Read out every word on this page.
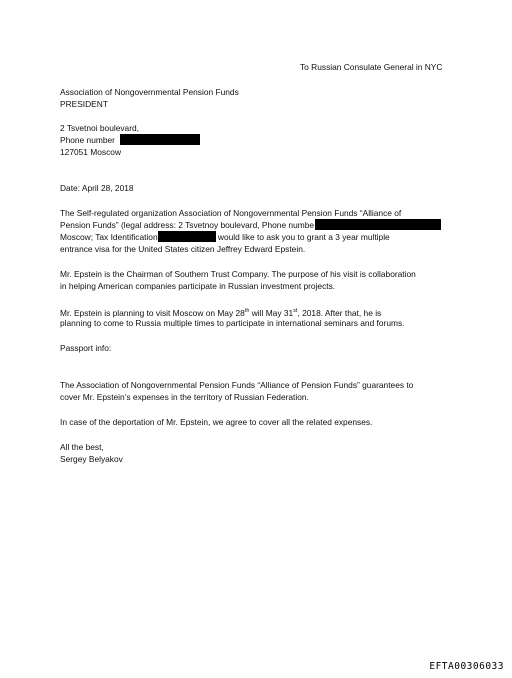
To Russian Consulate General in NYC
Association of Nongovernmental Pension Funds
PRESIDENT
2 Tsvetnoi boulevard,
Phone number
127051 Moscow
Date: April 28, 2018
The Self-regulated organization Association of Nongovernmental Pension Funds “Alliance of
Pension Funds” (legal address: 2 Tsvetnoy boulevard, Phone numbe
Moscow; Tax Identification	would like to ask you to grant a 3 year multiple
entrance visa for the United States citizen Jeffrey Edward Epstein.
Mr. Epstein is the Chairman of Southern Trust Company. The purpose of his visit is collaboration
in helping American companies participate in Russian investment projects.
Mr. Epstein is planning to visit Moscow on May 28th will May 31st, 2018. After that, he is
planning to come to Russia multiple times to participate in international seminars and forums.
Passport info:
The Association of Nongovernmental Pension Funds “Alliance of Pension Funds” guarantees to
cover Mr. Epstein’s expenses in the territory of Russian Federation.
In case of the deportation of Mr. Epstein, we agree to cover all the related expenses.
All the best,
Sergey Belyakov
EFTA00306033
